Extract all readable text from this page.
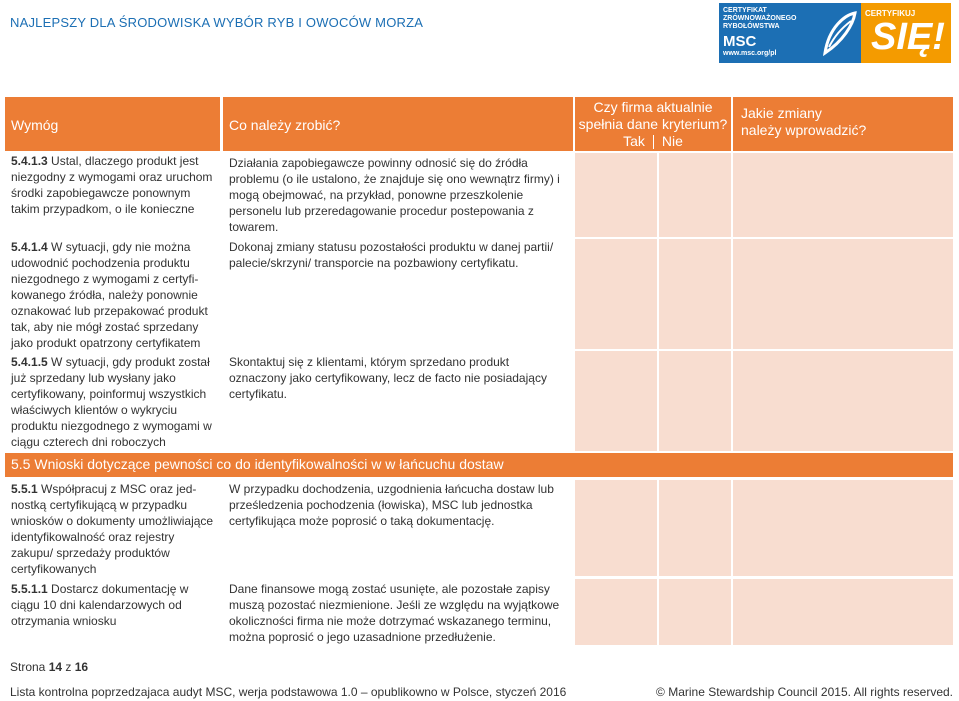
NAJLEPSZY DLA ŚRODOWISKA WYBÓR RYB I OWOCÓW MORZA
CERTYFIKAT
ZRÓWNOWAŻONEGO
RYBOŁÓWSTWA
MSC
www.msc.org/pl
CERTYFIKUJ
SIĘ!
Wymóg	Co należy zrobić?
Czy firma aktualnie
spełnia dane kryterium?
Tak Nie
Jakie zmiany
należy wprowadzić?
5.4.1.3 Ustal, dlaczego produkt jest niezgodny z wymogami oraz uruchom środki zapobiegawcze ponownym takim przypadkom, o ile konieczne
Działania zapobiegawcze powinny odnosić się do źródła problemu (o ile ustalono, że znajduje się ono wewnątrz firmy) i mogą obejmować, na przykład, ponowne przeszkolenie personelu lub przeredagowanie procedur postepowania z towarem.
5.4.1.4 W sytuacji, gdy nie można udowodnić pochodzenia produktu niezgodnego z wymogami z certyfi-kowanego źródła, należy ponownie oznakować lub przepakować produkt tak, aby nie mógł zostać sprzedany jako produkt opatrzony certyfikatem
Dokonaj zmiany statusu pozostałości produktu w danej partii/ palecie/skrzyni/ transporcie na pozbawiony certyfikatu.
5.4.1.5 W sytuacji, gdy produkt został już sprzedany lub wysłany jako certyfikowany, poinformuj wszystkich właściwych klientów o wykryciu produktu niezgodnego z wymogami w ciągu czterech dni roboczych
Skontaktuj się z klientami, którym sprzedano produkt oznaczony jako certyfikowany, lecz de facto nie posiadający certyfikatu.
5.5 Wnioski dotyczące pewności co do identyfikowalności w w łańcuchu dostaw
5.5.1 Współpracuj z MSC oraz jed-nostką certyfikującą w przypadku wniosków o dokumenty umożliwiające identyfikowalność oraz rejestry zakupu/ sprzedaży produktów certyfikowanych
W przypadku dochodzenia, uzgodnienia łańcucha dostaw lub prześledzenia pochodzenia (łowiska), MSC lub jednostka certyfikująca może poprosić o taką dokumentację.
5.5.1.1 Dostarcz dokumentację w ciągu 10 dni kalendarzowych od otrzymania wniosku
Dane finansowe mogą zostać usunięte, ale pozostałe zapisy muszą pozostać niezmienione. Jeśli ze względu na wyjątkowe okoliczności firma nie może dotrzymać wskazanego terminu, można poprosić o jego uzasadnione przedłużenie.
Strona 14 z 16
Lista kontrolna poprzedzajaca audyt MSC, werja podstawowa 1.0 – opublikowno w Polsce, styczeń 2016	© Marine Stewardship Council 2015. All rights reserved.
